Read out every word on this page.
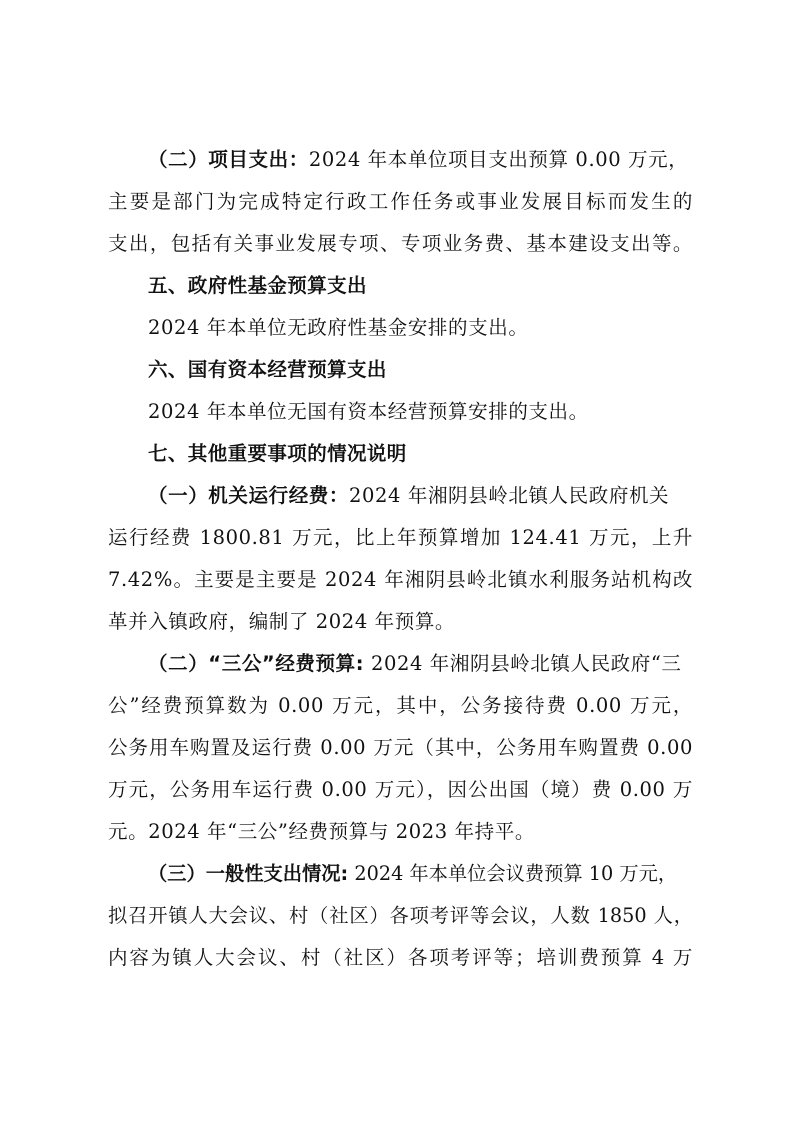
（二）项目支出：2024 年本单位项目支出预算 0.00 万元，
主要是部门为完成特定行政工作任务或事业发展目标而发生的
支出，包括有关事业发展专项、专项业务费、基本建设支出等。
五、政府性基金预算支出
2024 年本单位无政府性基金安排的支出。
六、国有资本经营预算支出
2024 年本单位无国有资本经营预算安排的支出。
七、其他重要事项的情况说明
（一）机关运行经费：2024 年湘阴县岭北镇人民政府机关
运行经费 1800.81 万元，比上年预算增加 124.41 万元，上升
7.42%。主要是主要是 2024 年湘阴县岭北镇水利服务站机构改
革并入镇政府，编制了 2024 年预算。
（二）“三公”经费预算: 2024 年湘阴县岭北镇人民政府“三
公”经费预算数为 0.00 万元，其中，公务接待费 0.00 万元，
公务用车购置及运行费 0.00 万元（其中，公务用车购置费 0.00
万元，公务用车运行费 0.00 万元），因公出国（境）费 0.00 万
元。2024 年“三公”经费预算与 2023 年持平。
（三）一般性支出情况: 2024 年本单位会议费预算 10 万元，
拟召开镇人大会议、村（社区）各项考评等会议，人数 1850 人，
内容为镇人大会议、村（社区）各项考评等；培训费预算 4 万
